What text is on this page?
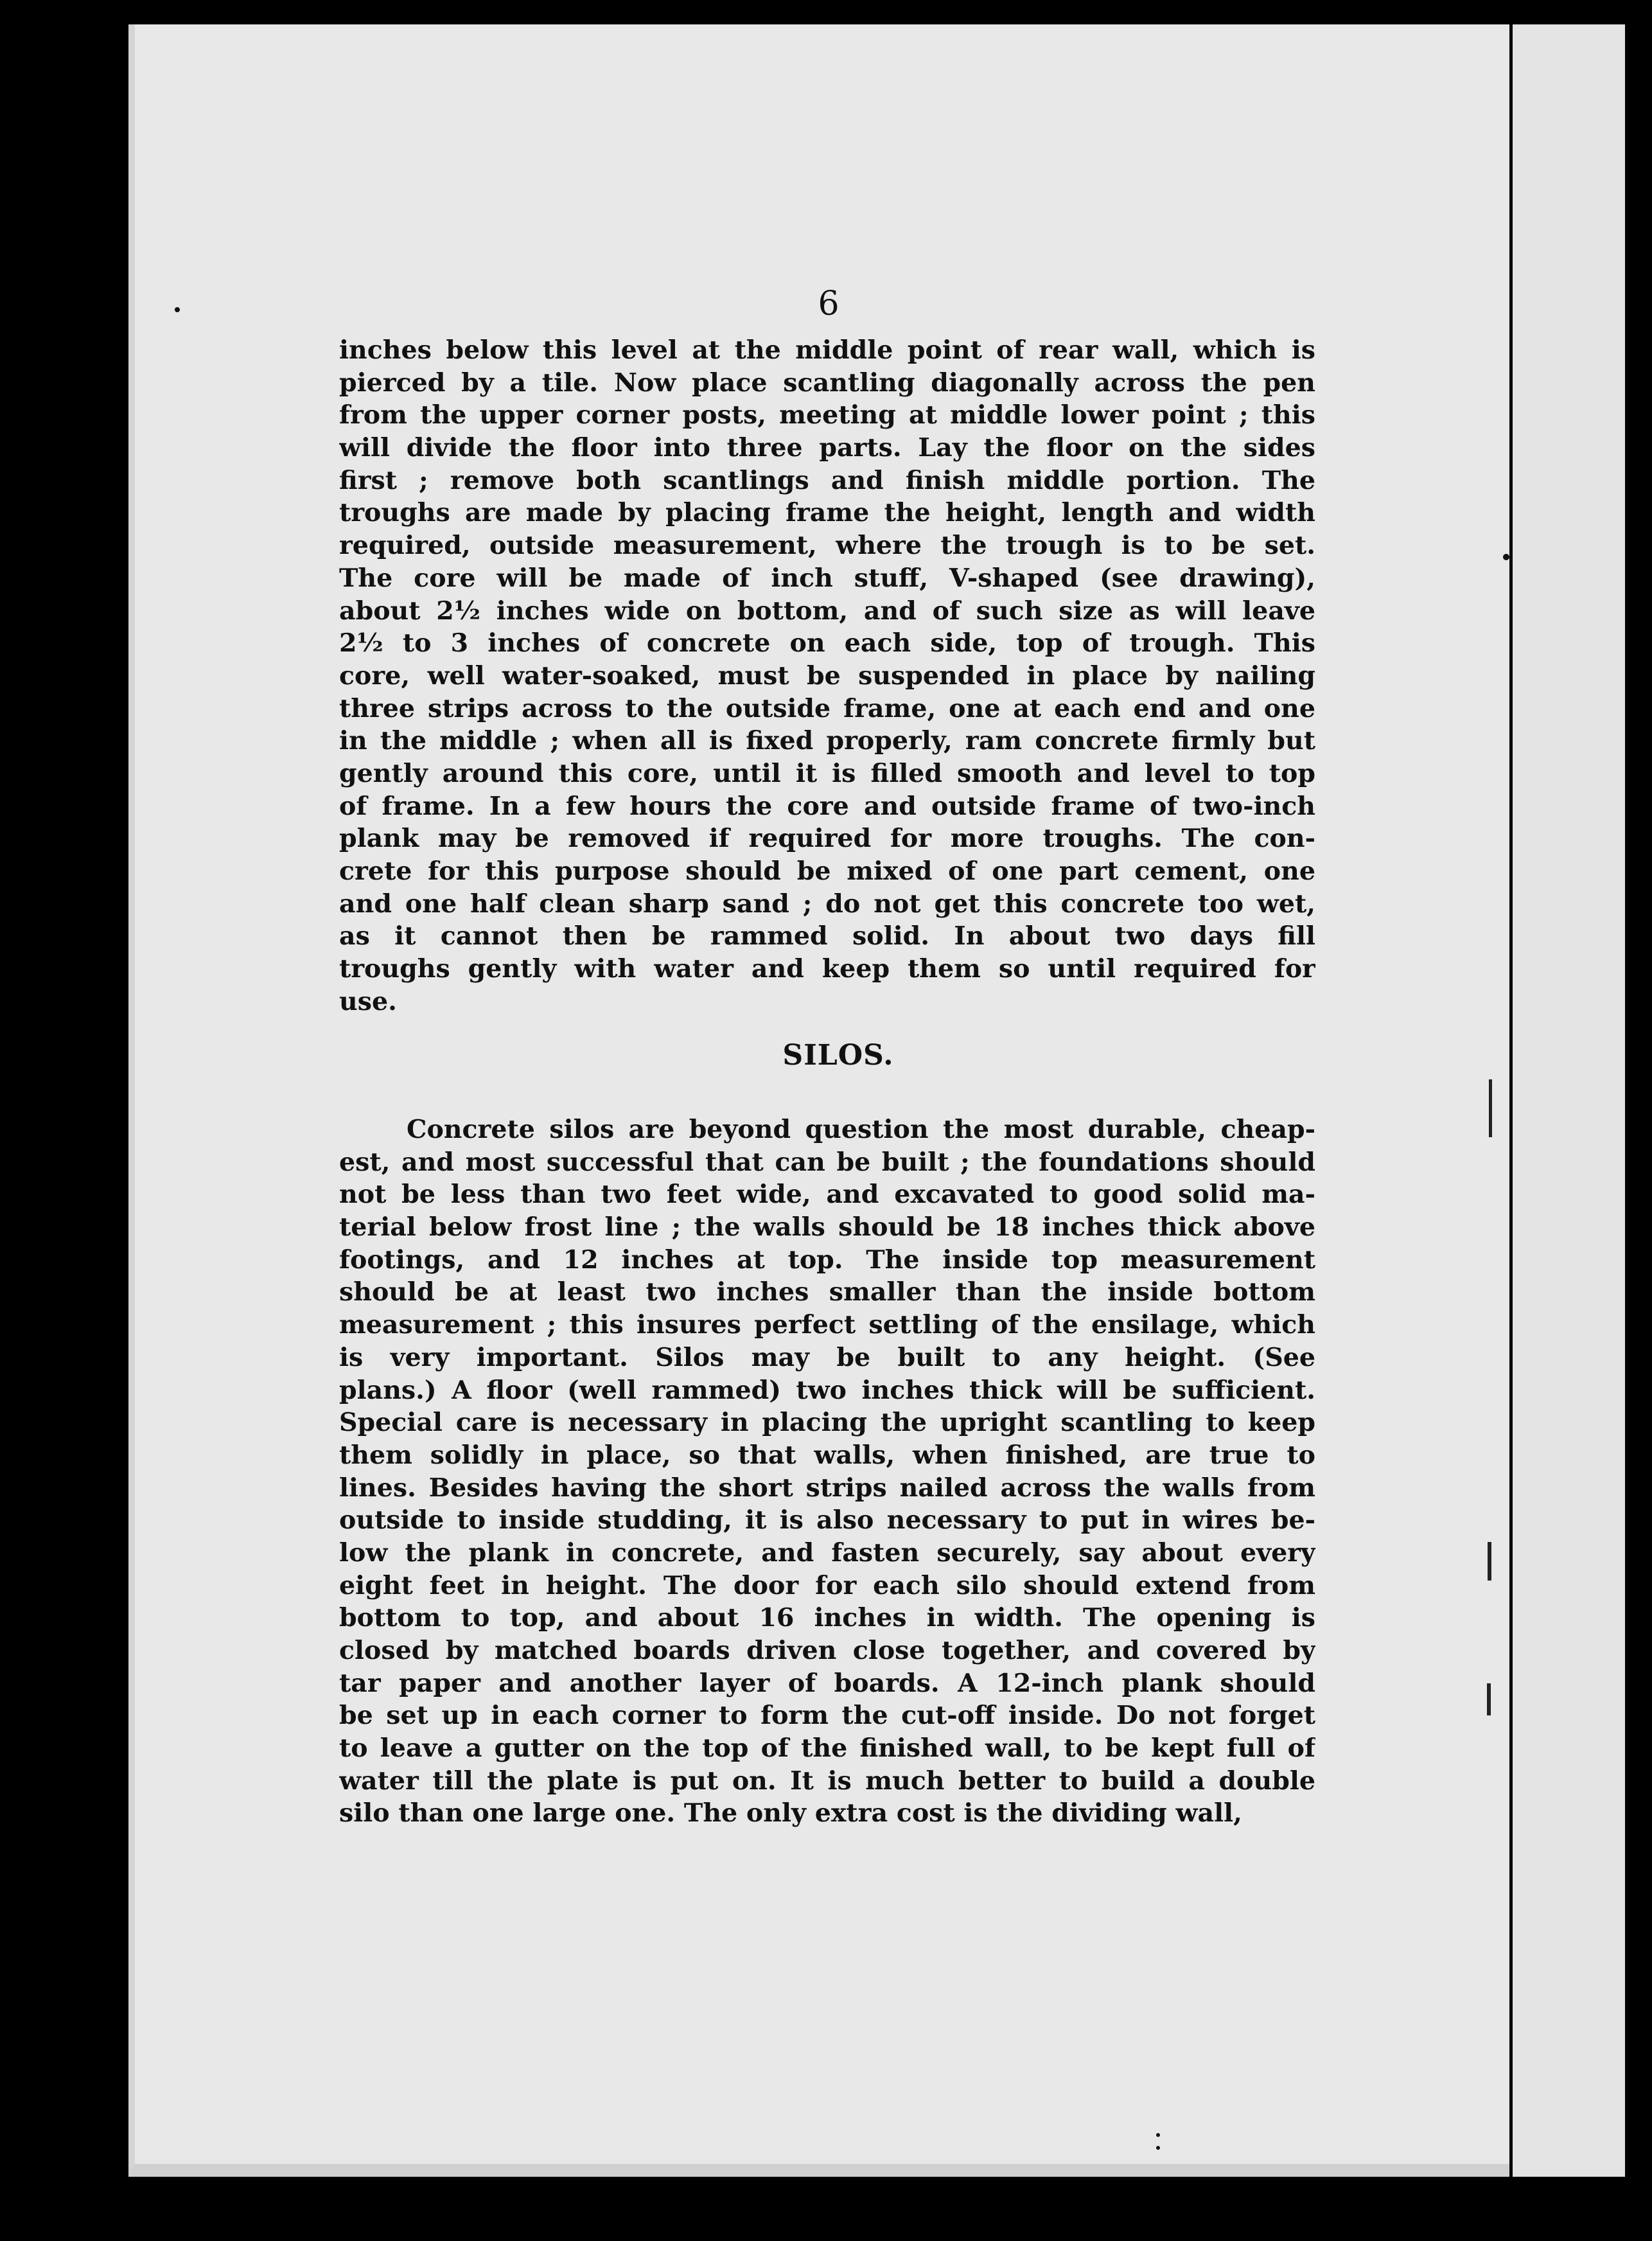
6
inches below this level at the middle point of rear wall, which is
pierced by a tile. Now place scantling diagonally across the pen
from the upper corner posts, meeting at middle lower point ; this
will divide the floor into three parts. Lay the floor on the sides
first ; remove both scantlings and finish middle portion. The
troughs are made by placing frame the height, length and width
required, outside measurement, where the trough is to be set.
The core will be made of inch stuff, V-shaped (see drawing),
about 2½ inches wide on bottom, and of such size as will leave
2½ to 3 inches of concrete on each side, top of trough. This
core, well water-soaked, must be suspended in place by nailing
three strips across to the outside frame, one at each end and one
in the middle ; when all is fixed properly, ram concrete firmly but
gently around this core, until it is filled smooth and level to top
of frame. In a few hours the core and outside frame of two-inch
plank may be removed if required for more troughs. The con-
crete for this purpose should be mixed of one part cement, one
and one half clean sharp sand ; do not get this concrete too wet,
as it cannot then be rammed solid. In about two days fill
troughs gently with water and keep them so until required for
use.
SILOS.
Concrete silos are beyond question the most durable, cheap-
est, and most successful that can be built ; the foundations should
not be less than two feet wide, and excavated to good solid ma-
terial below frost line ; the walls should be 18 inches thick above
footings, and 12 inches at top. The inside top measurement
should be at least two inches smaller than the inside bottom
measurement ; this insures perfect settling of the ensilage, which
is very important. Silos may be built to any height. (See
plans.) A floor (well rammed) two inches thick will be sufficient.
Special care is necessary in placing the upright scantling to keep
them solidly in place, so that walls, when finished, are true to
lines. Besides having the short strips nailed across the walls from
outside to inside studding, it is also necessary to put in wires be-
low the plank in concrete, and fasten securely, say about every
eight feet in height. The door for each silo should extend from
bottom to top, and about 16 inches in width. The opening is
closed by matched boards driven close together, and covered by
tar paper and another layer of boards. A 12-inch plank should
be set up in each corner to form the cut-off inside. Do not forget
to leave a gutter on the top of the finished wall, to be kept full of
water till the plate is put on. It is much better to build a double
silo than one large one. The only extra cost is the dividing wall,
